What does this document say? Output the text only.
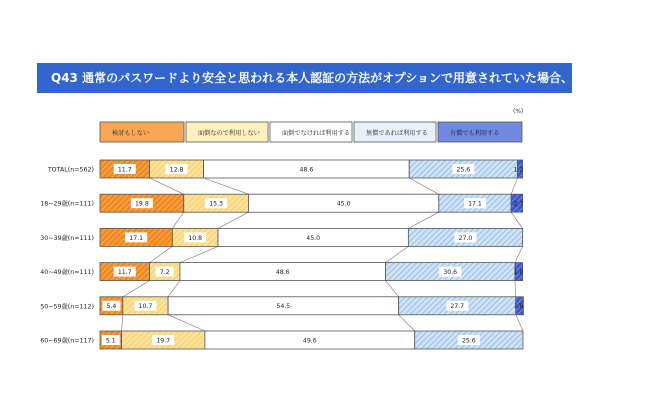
Q43 通常のパスワードより安全と思われる本人認証の方法がオプションで用意されていた場合、利用しますか。
検討もしない	面倒なので利用しない	面倒でなければ利用する	無償であれば利用する	有償でも利用する
(%)
TOTAL(n=562)	11.7	12.8	48.6	25.6	1.2
18~29歳(n=111)	19.8	15.3	45.0	17.1	2.7
30~39歳(n=111)	17.1	10.8	45.0	27.0
40~49歳(n=111)	11.7	7.2	48.6	30.6	1.8
50~59歳(n=112) 5.4	10.7	54.5	27.7	1.8
60~69歳(n=117) 5.1	19.7	49.6	25.6
